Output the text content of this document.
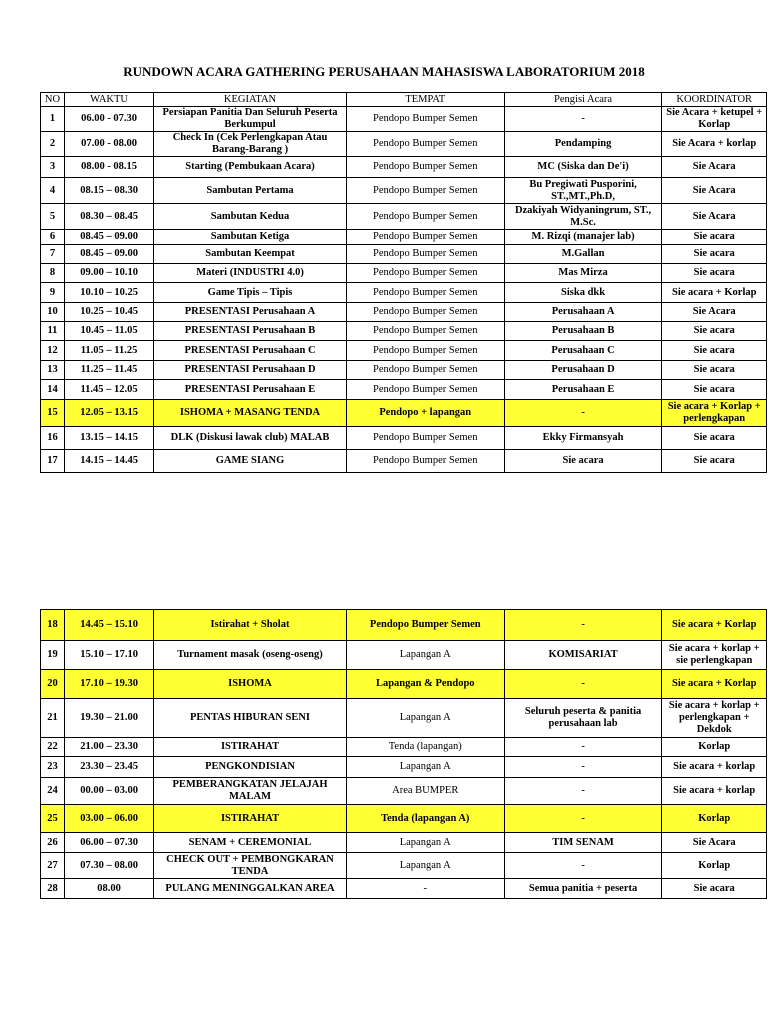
RUNDOWN ACARA GATHERING PERUSAHAAN MAHASISWA LABORATORIUM 2018
NO	WAKTU	KEGIATAN	TEMPAT	Pengisi Acara	KOORDINATOR
1	06.00 - 07.30	Persiapan Panitia Dan Seluruh Peserta Berkumpul	Pendopo Bumper Semen	-	Sie Acara + ketupel + Korlap
2	07.00 - 08.00	Check In (Cek Perlengkapan Atau Barang-Barang )	Pendopo Bumper Semen	Pendamping	Sie Acara + korlap
3	08.00 - 08.15	Starting (Pembukaan Acara)	Pendopo Bumper Semen	MC (Siska dan De'i)	Sie Acara
4	08.15 – 08.30	Sambutan Pertama	Pendopo Bumper Semen	Bu Pregiwati Pusporini, ST.,MT.,Ph.D,	Sie Acara
5	08.30 – 08.45	Sambutan Kedua	Pendopo Bumper Semen	Dzakiyah Widyaningrum, ST., M.Sc.	Sie Acara
6	08.45 – 09.00	Sambutan Ketiga	Pendopo Bumper Semen	M. Rizqi (manajer lab)	Sie acara
7	08.45 – 09.00	Sambutan Keempat	Pendopo Bumper Semen	M.Gallan	Sie acara
8	09.00 – 10.10	Materi (INDUSTRI 4.0)	Pendopo Bumper Semen	Mas Mirza	Sie acara
9	10.10 – 10.25	Game Tipis – Tipis	Pendopo Bumper Semen	Siska dkk	Sie acara + Korlap
10	10.25 – 10.45	PRESENTASI Perusahaan A	Pendopo Bumper Semen	Perusahaan A	Sie Acara
11	10.45 – 11.05	PRESENTASI Perusahaan B	Pendopo Bumper Semen	Perusahaan B	Sie acara
12	11.05 – 11.25	PRESENTASI Perusahaan C	Pendopo Bumper Semen	Perusahaan C	Sie acara
13	11.25 – 11.45	PRESENTASI Perusahaan D	Pendopo Bumper Semen	Perusahaan D	Sie acara
14	11.45 – 12.05	PRESENTASI Perusahaan E	Pendopo Bumper Semen	Perusahaan E	Sie acara
15	12.05 – 13.15	ISHOMA + MASANG TENDA	Pendopo + lapangan	-	Sie acara + Korlap + perlengkapan
16	13.15 – 14.15	DLK (Diskusi lawak club) MALAB	Pendopo Bumper Semen	Ekky Firmansyah	Sie acara
17	14.15 – 14.45	GAME SIANG	Pendopo Bumper Semen	Sie acara	Sie acara
18	14.45 – 15.10	Istirahat + Sholat	Pendopo Bumper Semen	-	Sie acara + Korlap
19	15.10 – 17.10	Turnament masak (oseng-oseng)	Lapangan A	KOMISARIAT	Sie acara + korlap + sie perlengkapan
20	17.10 – 19.30	ISHOMA	Lapangan & Pendopo	-	Sie acara + Korlap
21	19.30 – 21.00	PENTAS HIBURAN SENI	Lapangan A	Seluruh peserta & panitia perusahaan lab	Sie acara + korlap + perlengkapan + Dekdok
22	21.00 – 23.30	ISTIRAHAT	Tenda (lapangan)	-	Korlap
23	23.30 – 23.45	PENGKONDISIAN	Lapangan A	-	Sie acara + korlap
24	00.00 – 03.00	PEMBERANGKATAN JELAJAH MALAM	Area BUMPER	-	Sie acara + korlap
25	03.00 – 06.00	ISTIRAHAT	Tenda (lapangan A)	-	Korlap
26	06.00 – 07.30	SENAM + CEREMONIAL	Lapangan A	TIM SENAM	Sie Acara
27	07.30 – 08.00	CHECK OUT + PEMBONGKARAN TENDA	Lapangan A	-	Korlap
28	08.00	PULANG MENINGGALKAN AREA	-	Semua panitia + peserta	Sie acara
